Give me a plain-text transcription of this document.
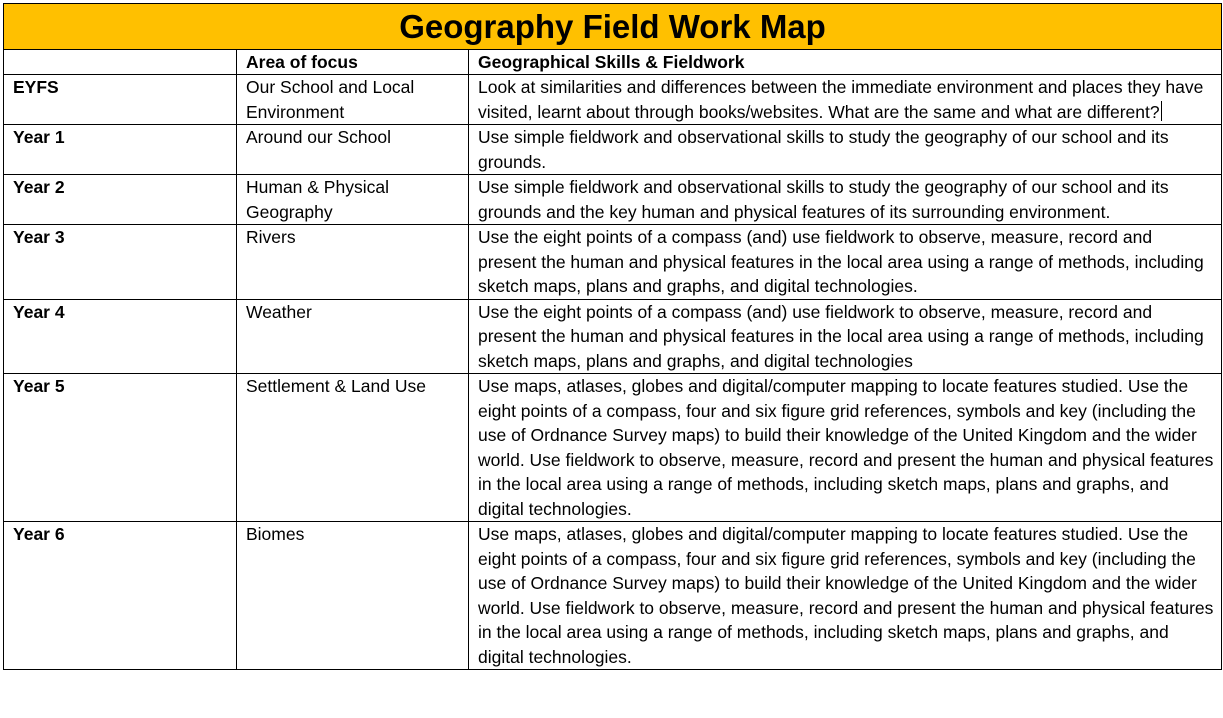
Geography Field Work Map		
	Area of focus	Geographical Skills & Fieldwork
EYFS	Our School and Local Environment	Look at similarities and differences between the immediate environment and places they have visited, learnt about through books/websites. What are the same and what are different?
Year 1	Around our School	Use simple fieldwork and observational skills to study the geography of our school and its grounds.
Year 2	Human & Physical Geography	Use simple fieldwork and observational skills to study the geography of our school and its grounds and the key human and physical features of its surrounding environment.
Year 3	Rivers	Use the eight points of a compass (and) use fieldwork to observe, measure, record and present the human and physical features in the local area using a range of methods, including sketch maps, plans and graphs, and digital technologies.
Year 4	Weather	Use the eight points of a compass (and) use fieldwork to observe, measure, record and present the human and physical features in the local area using a range of methods, including sketch maps, plans and graphs, and digital technologies
Year 5	Settlement & Land Use	Use maps, atlases, globes and digital/computer mapping to locate features studied. Use the eight points of a compass, four and six figure grid references, symbols and key (including the use of Ordnance Survey maps) to build their knowledge of the United Kingdom and the wider world. Use fieldwork to observe, measure, record and present the human and physical features in the local area using a range of methods, including sketch maps, plans and graphs, and digital technologies.
Year 6	Biomes	Use maps, atlases, globes and digital/computer mapping to locate features studied. Use the eight points of a compass, four and six figure grid references, symbols and key (including the use of Ordnance Survey maps) to build their knowledge of the United Kingdom and the wider world. Use fieldwork to observe, measure, record and present the human and physical features in the local area using a range of methods, including sketch maps, plans and graphs, and digital technologies.
